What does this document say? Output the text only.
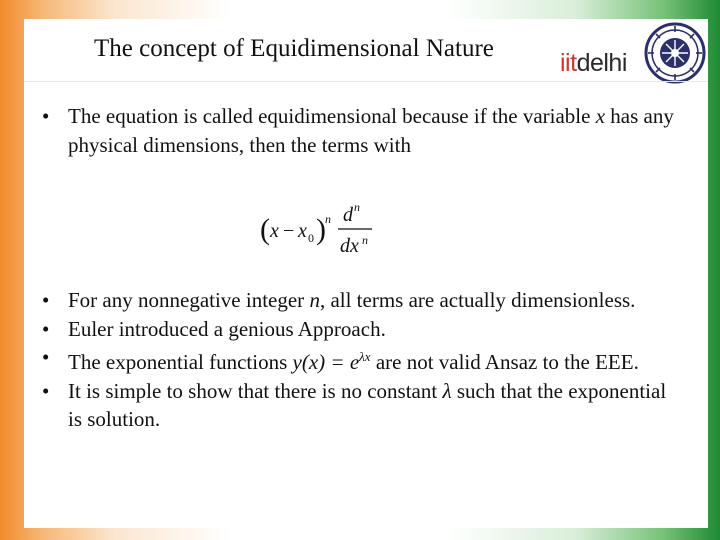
The concept of Equidimensional Nature
iitdelhi
• The equation is called equidimensional because if the variable x has any physical dimensions, then the terms with
( x − x 0 ) n d n
dx n
• For any nonnegative integer n, all terms are actually dimensionless.
• Euler introduced a genious Approach.
• The exponential functions $y(x) = e^{\lambda x}$ are not valid Ansaz to the EEE.
• It is simple to show that there is no constant λ such that the exponential is solution.
